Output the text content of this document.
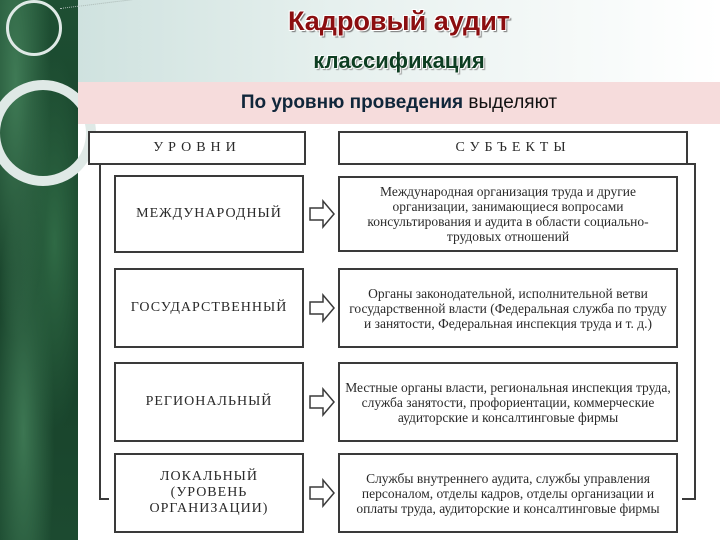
Кадровый аудит
классификация
По уровню проведения выделяют
УРОВНИ	СУБЪЕКТЫ
МЕЖДУНАРОДНЫЙ
Международная организация труда и другие организации, занимающиеся вопросами консультирования и аудита в области социально-трудовых отношений
ГОСУДАРСТВЕННЫЙ
Органы законодательной, исполнительной ветви государственной власти (Федеральная служба по труду и занятости, Федеральная инспекция труда и т. д.)
РЕГИОНАЛЬНЫЙ
Местные органы власти, региональная инспекция труда, служба занятости, профориентации, коммерческие аудиторские и консалтинговые фирмы
ЛОКАЛЬНЫЙ (УРОВЕНЬ ОРГАНИЗАЦИИ)
Службы внутреннего аудита, службы управления персоналом, отделы кадров, отделы организации и оплаты труда, аудиторские и консалтинговые фирмы
